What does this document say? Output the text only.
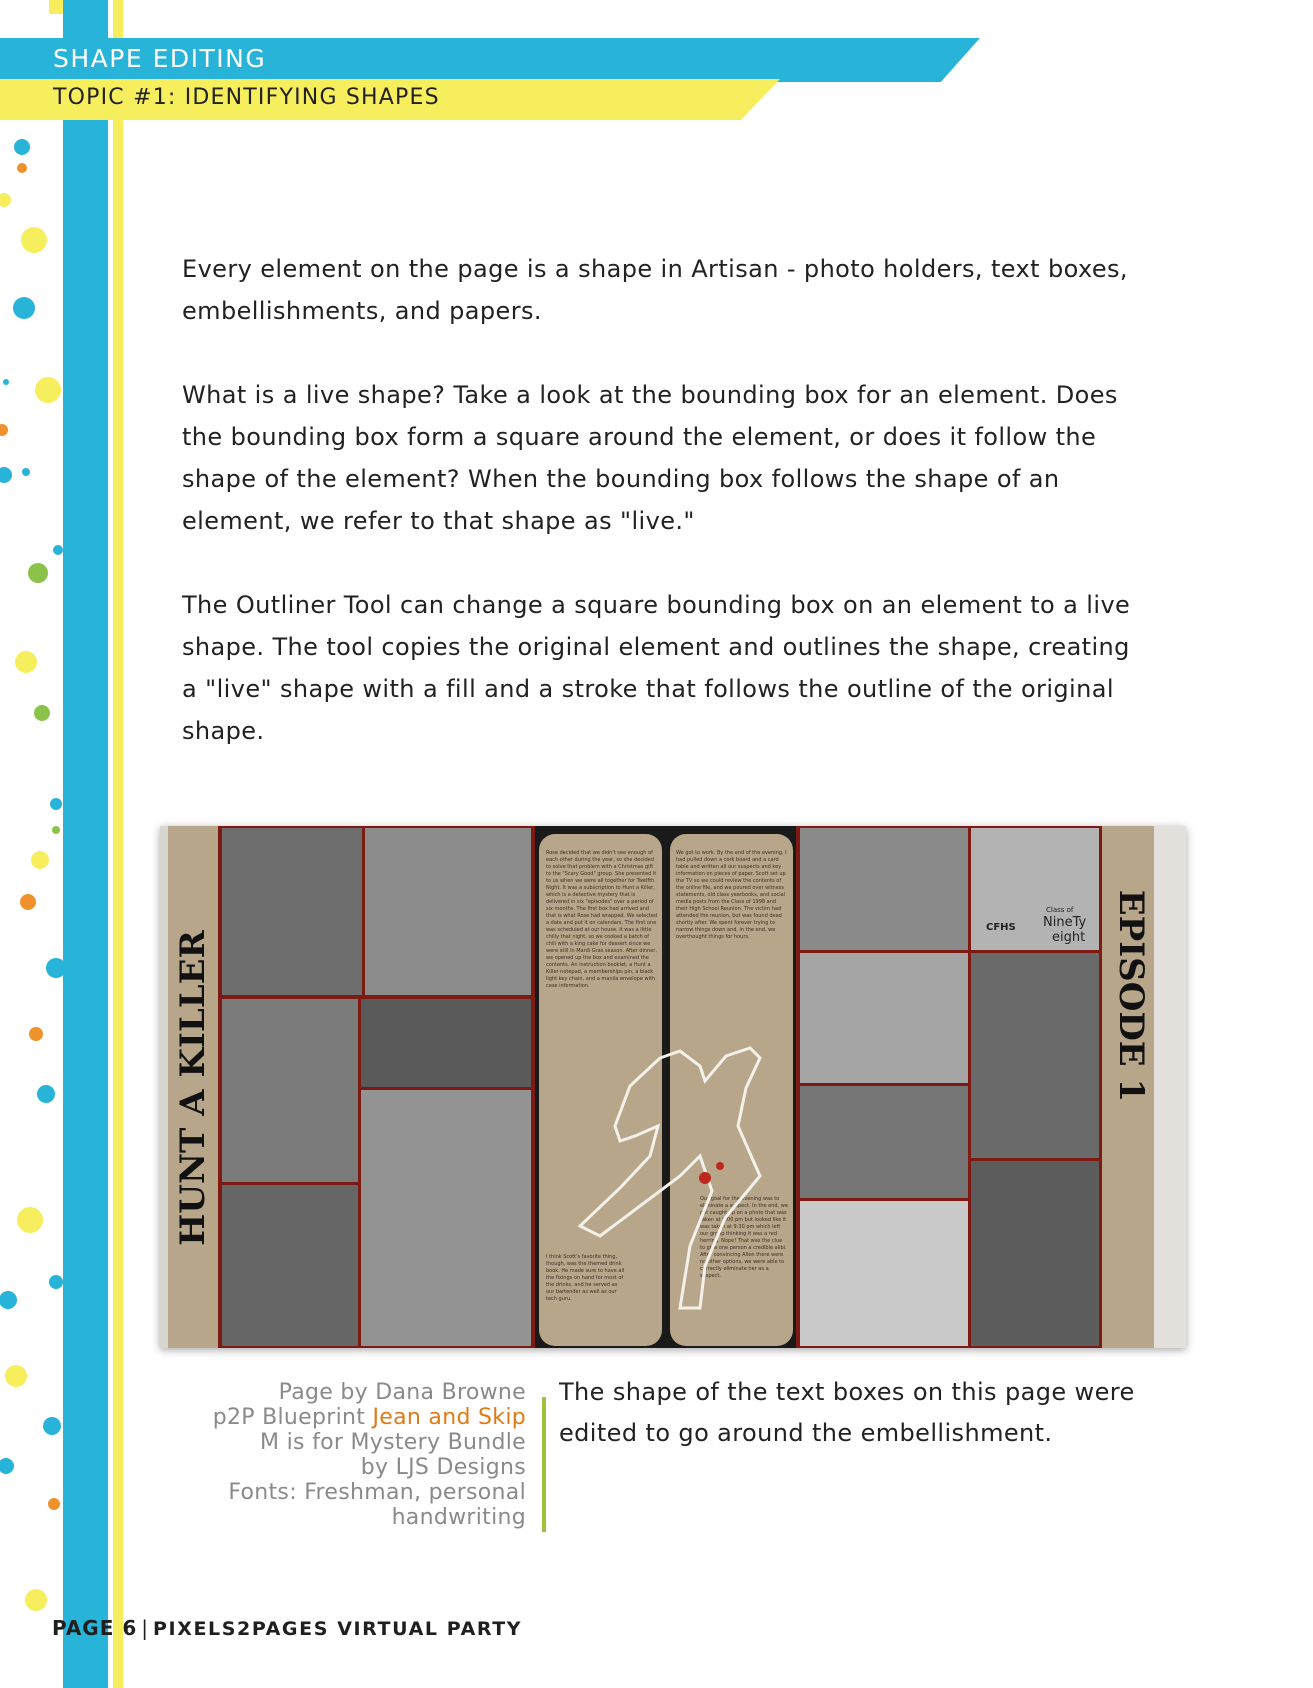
SHAPE EDITING
TOPIC #1: IDENTIFYING SHAPES

Every element on the page is a shape in Artisan - photo holders, text boxes, embellishments, and papers.

What is a live shape? Take a look at the bounding box for an element. Does the bounding box form a square around the element, or does it follow the shape of the element? When the bounding box follows the shape of an element, we refer to that shape as "live."

The Outliner Tool can change a square bounding box on an element to a live shape. The tool copies the original element and outlines the shape, creating a "live" shape with a fill and a stroke that follows the outline of the original shape.

HUNT A KILLER
Rose decided that we didn't see enough of each other during the year, so she decided to solve that problem with a Christmas gift to the "Scary Good" group. She presented it to us when we were all together for Twelfth Night. It was a subscription to Hunt a Killer, which is a detective mystery that is delivered in six "episodes" over a period of six months. The first box had arrived and that is what Rose had wrapped. We selected a date and put it on calendars. The first one was scheduled at our house. It was a little chilly that night, so we cooked a batch of chili with a king cake for dessert since we were still in Mardi Gras season. After dinner, we opened up the box and examined the contents. An instruction booklet, a Hunt a Killer notepad, a memberships pin, a black light key chain, and a manila envelope with case information.
I think Scott's favorite thing, though, was the themed drink book. He made sure to have all the fixings on hand for most of the drinks, and he served as our bartender as well as our tech guru.
We got to work. By the end of the evening, I had pulled down a cork board and a card table and written all our suspects and key information on pieces of paper. Scott set up the TV so we could review the contents of the online file, and we poured over witness statements, old class yearbooks, and social media posts from the Class of 1998 and their High School Reunion. The victim had attended the reunion, but was found dead shortly after. We spent forever trying to narrow things down and, in the end, we overthought things for hours.
Our goal for the evening was to eliminate a suspect. In the end, we got caught up on a photo that was taken at 9:00 pm but looked like it was taken at 9:30 pm which left our group thinking it was a red herring. Nope! That was the clue to give one person a credible alibi. After convincing Allen there were no other options, we were able to correctly eliminate her as a suspect.
CFHS
Class of
NineTy
eight EPISODE 1
Page by Dana Browne
p2P Blueprint Jean and Skip
M is for Mystery Bundle
by LJS Designs
Fonts: Freshman, personal
handwriting
The shape of the text boxes on this page were edited to go around the embellishment.
PAGE 6 | PIXELS2PAGES VIRTUAL PARTY
